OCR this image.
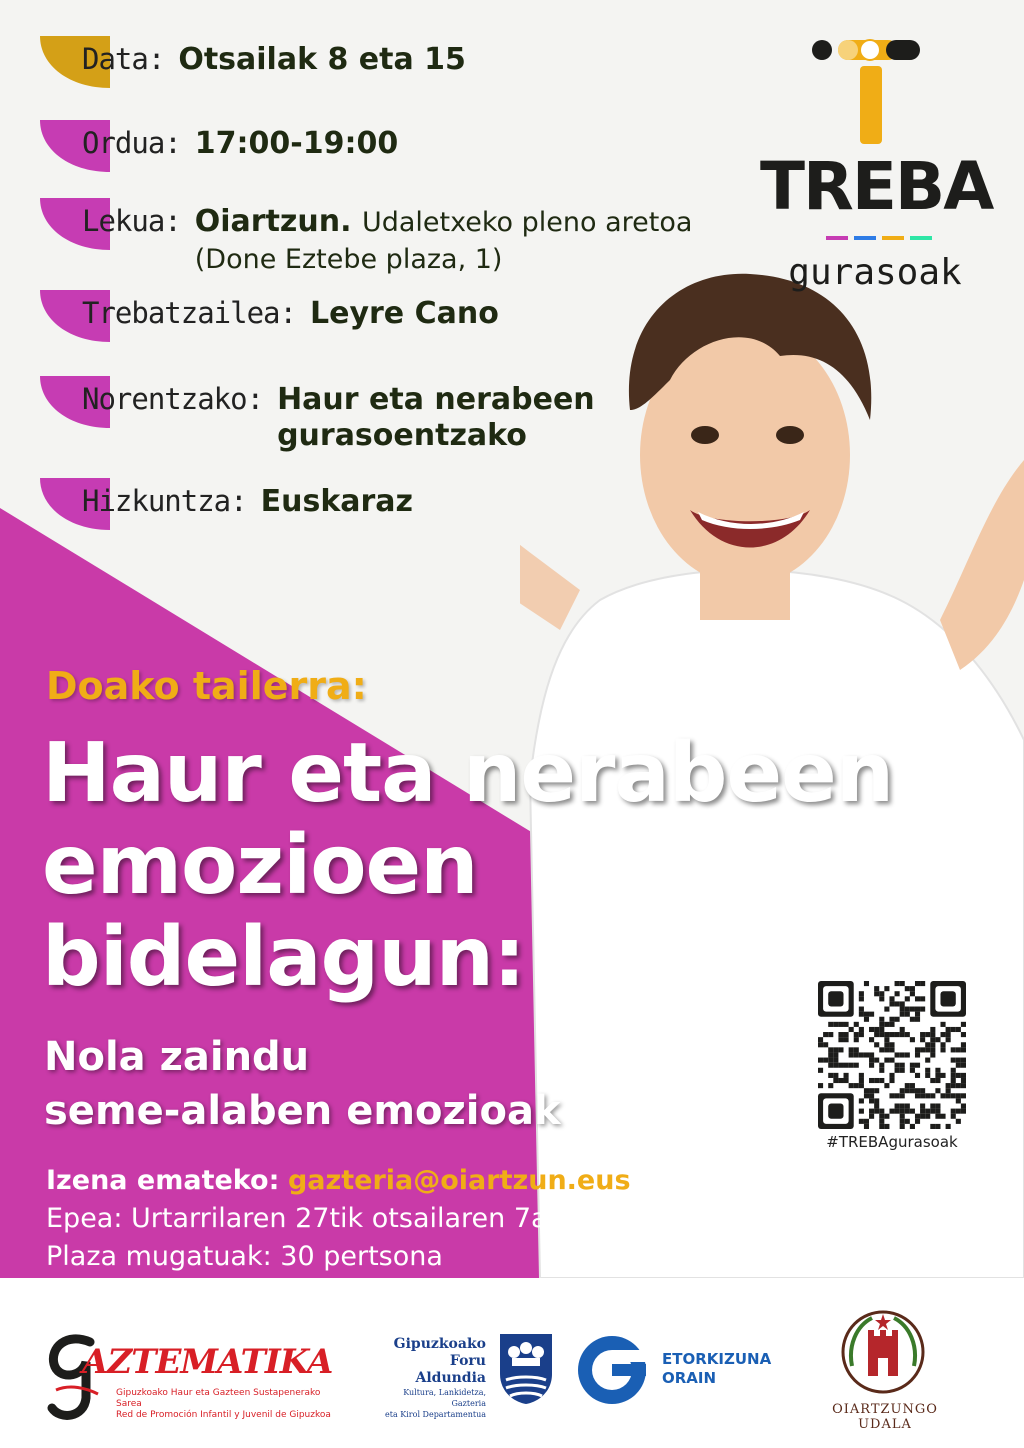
Data: Otsailak 8 eta 15
Ordua: 17:00-19:00
Lekua: Oiartzun. Udaletxeko pleno aretoa
(Done Eztebe plaza, 1)
Trebatzailea: Leyre Cano
Norentzako: Haur eta nerabeen
gurasoentzako
Hizkuntza: Euskaraz
TREBA
gurasoak
Doako tailerra:
Haur eta nerabeen
emozioen
bidelagun:
Nola zaindu
seme-alaben emozioak
Izena emateko: gazteria@oiartzun.eus
Epea: Urtarrilaren 27tik otsailaren 7arte (biak barne)
Plaza mugatuak: 30 pertsona
#TREBAgurasoak
AZTEMATIKA
Gipuzkoako Haur eta Gazteen Sustapenerako Sarea
Red de Promoción Infantil y Juvenil de Gipuzkoa
Gipuzkoako
Foru Aldundia
Kultura, Lankidetza, Gazteria
eta Kirol Departamentua
ETORKIZUNA
ORAIN
OIARTZUNGO
UDALA
